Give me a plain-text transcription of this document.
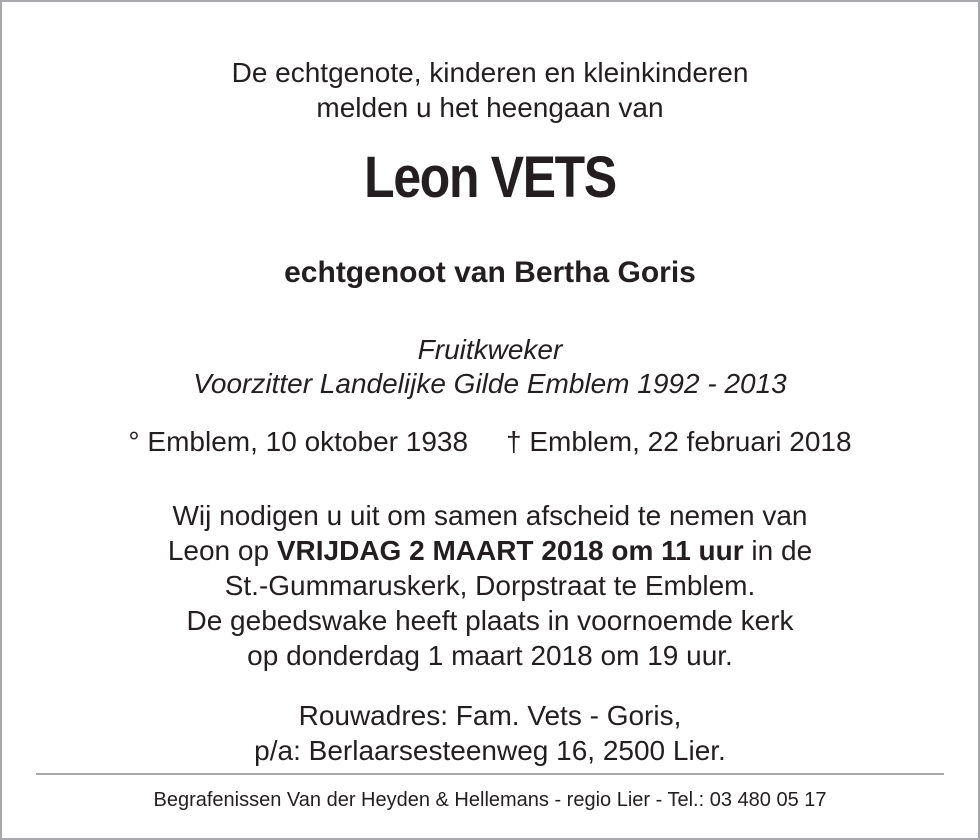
De echtgenote, kinderen en kleinkinderen
melden u het heengaan van
Leon VETS
echtgenoot van Bertha Goris
Fruitkweker
Voorzitter Landelijke Gilde Emblem 1992 - 2013
° Emblem, 10 oktober 1938 † Emblem, 22 februari 2018
Wij nodigen u uit om samen afscheid te nemen van
Leon op VRIJDAG 2 MAART 2018 om 11 uur in de
St.-Gummaruskerk, Dorpstraat te Emblem.
De gebedswake heeft plaats in voornoemde kerk
op donderdag 1 maart 2018 om 19 uur.
Rouwadres: Fam. Vets - Goris,
p/a: Berlaarsesteenweg 16, 2500 Lier.
Begrafenissen Van der Heyden & Hellemans - regio Lier - Tel.: 03 480 05 17
